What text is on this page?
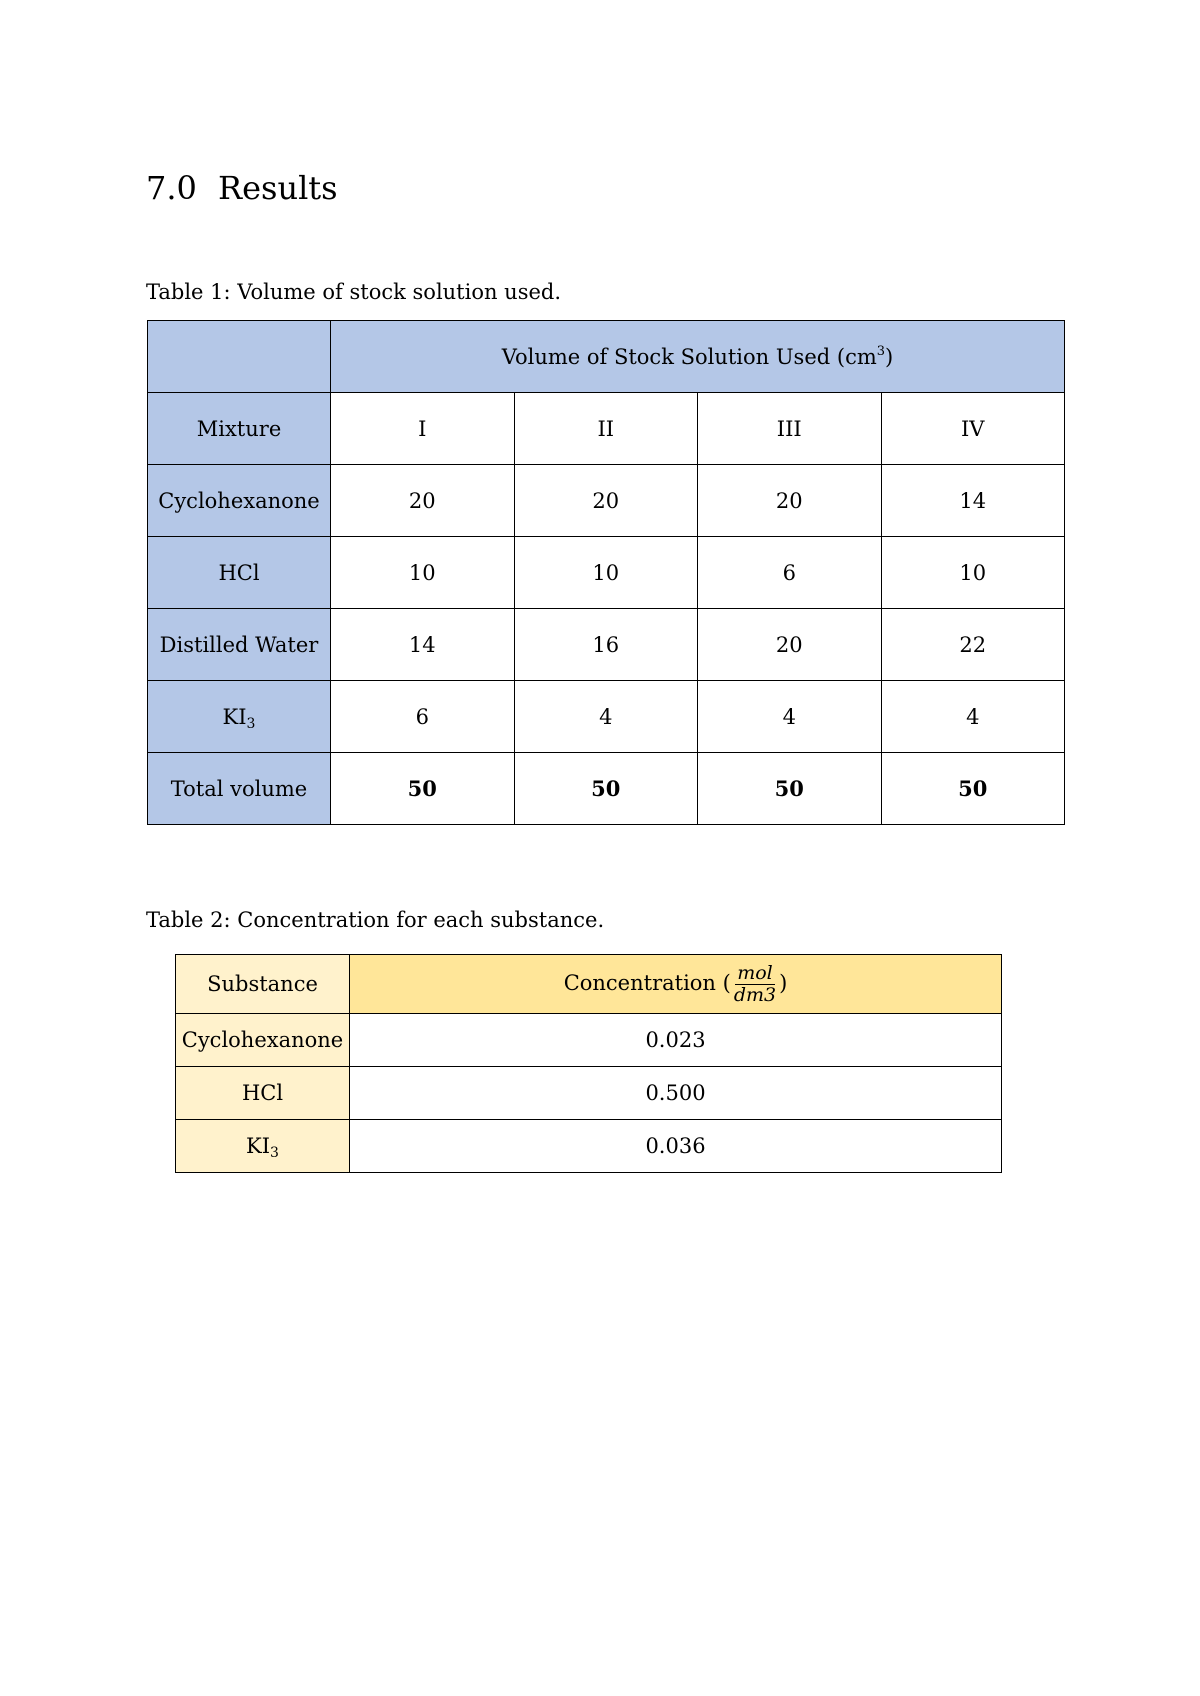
7.0 Results
Table 1: Volume of stock solution used.
	Volume of Stock Solution Used $(cm^3)$			
Mixture	I	II	III	IV
Cyclohexanone	20	20	20	14
HCl	10	10	6	10
Distilled Water	14	16	20	22
$KI_3$	6	4	4	4
Total volume	50	50	50	50
Table 2: Concentration for each substance.
Substance	Concentration ( $\frac{\text{mol}}{dm3}$ )
Cyclohexanone	0.023
HCl	0.500
$KI_3$	0.036
